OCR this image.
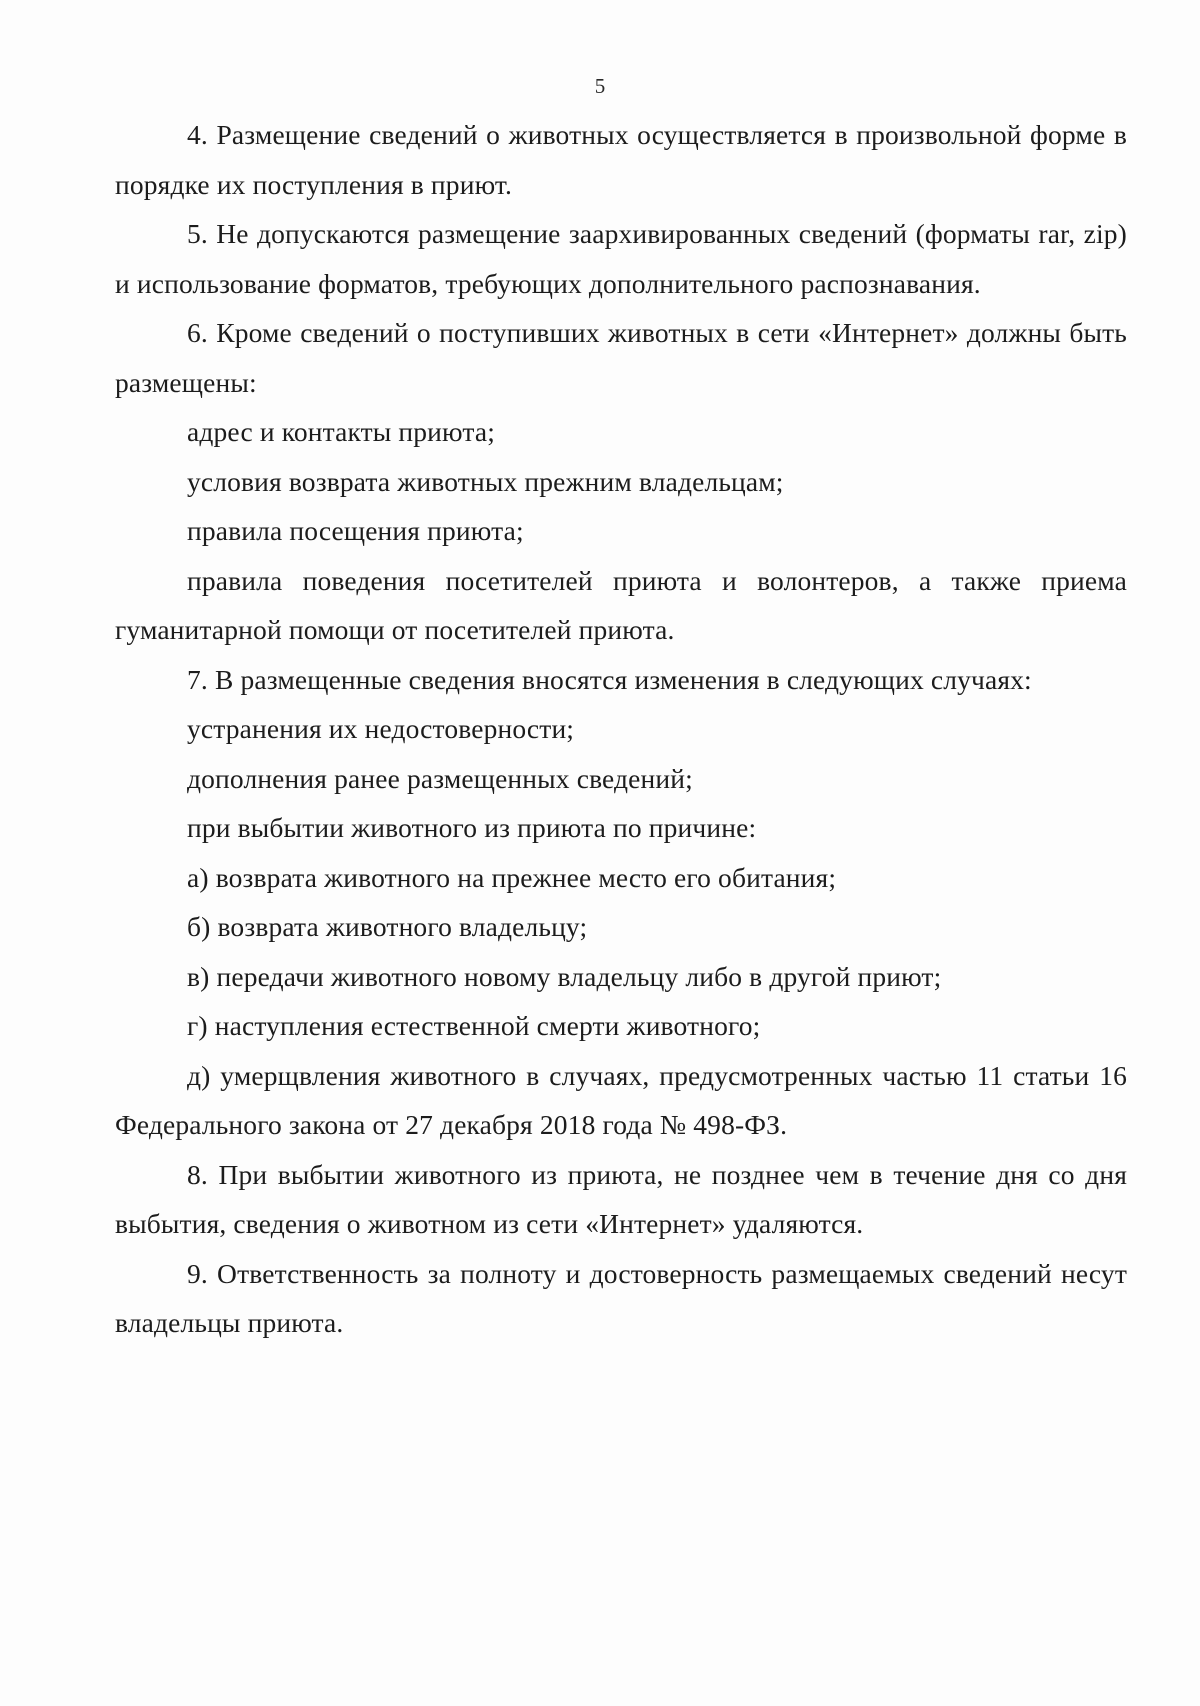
5

4. Размещение сведений о животных осуществляется в произвольной форме в порядке их поступления в приют.

5. Не допускаются размещение заархивированных сведений (форматы rar, zip) и использование форматов, требующих дополнительного распознавания.

6. Кроме сведений о поступивших животных в сети «Интернет» должны быть размещены:

адрес и контакты приюта;

условия возврата животных прежним владельцам;

правила посещения приюта;

правила поведения посетителей приюта и волонтеров, а также приема гуманитарной помощи от посетителей приюта.

7. В размещенные сведения вносятся изменения в следующих случаях:

устранения их недостоверности;

дополнения ранее размещенных сведений;

при выбытии животного из приюта по причине:

а) возврата животного на прежнее место его обитания;

б) возврата животного владельцу;

в) передачи животного новому владельцу либо в другой приют;

г) наступления естественной смерти животного;

д) умерщвления животного в случаях, предусмотренных частью 11 статьи 16 Федерального закона от 27 декабря 2018 года № 498-ФЗ.

8. При выбытии животного из приюта, не позднее чем в течение дня со дня выбытия, сведения о животном из сети «Интернет» удаляются.

9. Ответственность за полноту и достоверность размещаемых сведений несут владельцы приюта.
